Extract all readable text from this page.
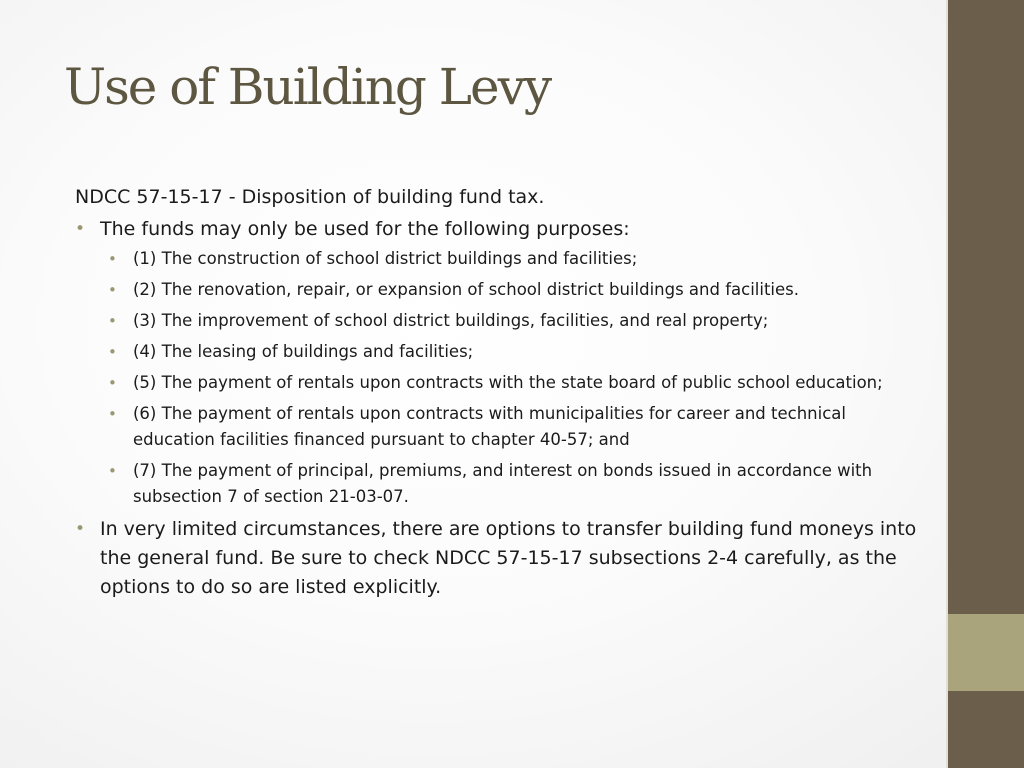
Use of Building Levy

NDCC 57-15-17 - Disposition of building fund tax.

• The funds may only be used for the following purposes:
• (1) The construction of school district buildings and facilities;
• (2) The renovation, repair, or expansion of school district buildings and facilities.
• (3) The improvement of school district buildings, facilities, and real property;
• (4) The leasing of buildings and facilities;
• (5) The payment of rentals upon contracts with the state board of public school education;
• (6) The payment of rentals upon contracts with municipalities for career and technical education facilities financed pursuant to chapter 40-57; and
• (7) The payment of principal, premiums, and interest on bonds issued in accordance with subsection 7 of section 21-03-07.
• In very limited circumstances, there are options to transfer building fund moneys into the general fund. Be sure to check NDCC 57-15-17 subsections 2-4 carefully, as the options to do so are listed explicitly.
